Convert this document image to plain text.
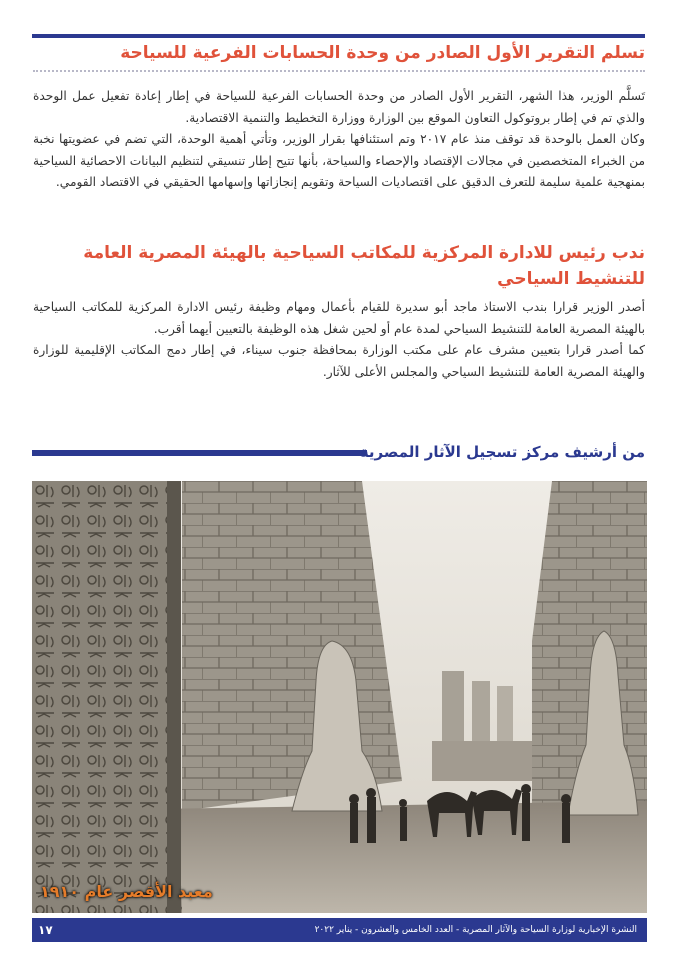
تسلم التقرير الأول الصادر من وحدة الحسابات الفرعية للسياحة

تَسلَّم الوزير، هذا الشهر، التقرير الأول الصادر من وحدة الحسابات الفرعية للسياحة في إطار إعادة تفعيل عمل الوحدة والذي تم في إطار بروتوكول التعاون الموقع بين الوزارة ووزارة التخطيط والتنمية الاقتصادية.

وكان العمل بالوحدة قد توقف منذ عام ٢٠١٧ وتم استئنافها بقرار الوزير، وتأتي أهمية الوحدة، التي تضم في عضويتها نخبة من الخبراء المتخصصين في مجالات الإقتصاد والإحصاء والسياحة، بأنها تتيح إطار تنسيقي لتنظيم البيانات الاحصائية السياحية بمنهجية علمية سليمة للتعرف الدقيق على اقتصاديات السياحة وتقويم إنجازاتها وإسهامها الحقيقي في الاقتصاد القومي.

ندب رئيس للادارة المركزية للمكاتب السياحية بالهيئة المصرية العامة للتنشيط السياحي

أصدر الوزير قرارا بندب الاستاذ ماجد أبو سديرة للقيام بأعمال ومهام وظيفة رئيس الادارة المركزية للمكاتب السياحية بالهيئة المصرية العامة للتنشيط السياحي لمدة عام أو لحين شغل هذه الوظيفة بالتعيين أيهما أقرب.

كما أصدر قرارا بتعيين مشرف عام على مكتب الوزارة بمحافظة جنوب سيناء، في إطار دمج المكاتب الإقليمية للوزارة والهيئة المصرية العامة للتنشيط السياحي والمجلس الأعلى للآثار.

من أرشيف مركز تسجيل الآثار المصرية
معبد الأقصر عام ١٩١٠
النشرة الإخبارية لوزارة السياحة والآثار المصرية - العدد الخامس والعشرون - يناير ٢٠٢٢
١٧
